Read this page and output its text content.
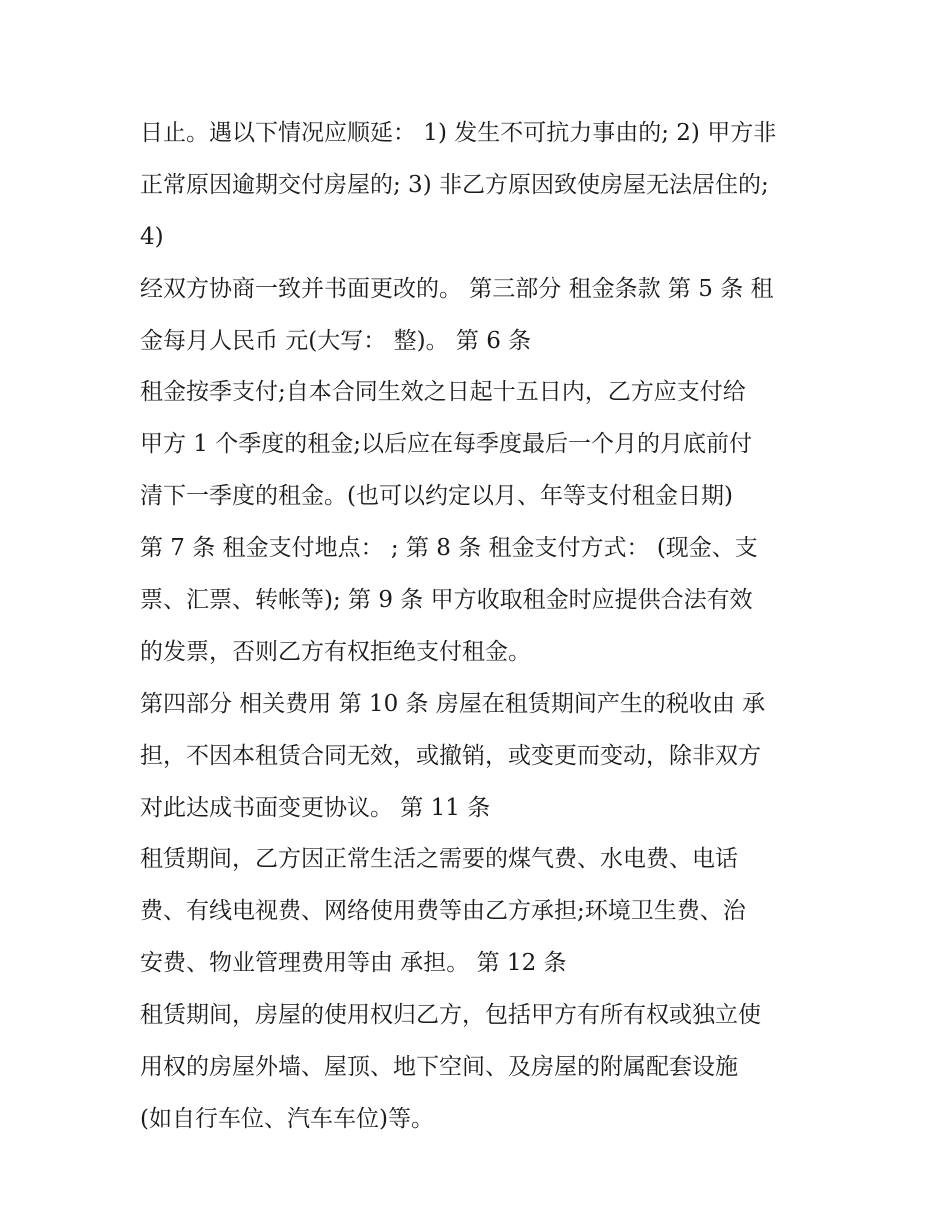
日止。遇以下情况应顺延： 1) 发生不可抗力事由的; 2) 甲方非
正常原因逾期交付房屋的; 3) 非乙方原因致使房屋无法居住的;
4)
经双方协商一致并书面更改的。 第三部分 租金条款 第 5 条 租
金每月人民币 元(大写： 整)。 第 6 条
租金按季支付;自本合同生效之日起十五日内，乙方应支付给
甲方 1 个季度的租金;以后应在每季度最后一个月的月底前付
清下一季度的租金。(也可以约定以月、年等支付租金日期)
第 7 条 租金支付地点： ; 第 8 条 租金支付方式： (现金、支
票、汇票、转帐等); 第 9 条 甲方收取租金时应提供合法有效
的发票，否则乙方有权拒绝支付租金。
第四部分 相关费用 第 10 条 房屋在租赁期间产生的税收由 承
担，不因本租赁合同无效，或撤销，或变更而变动，除非双方
对此达成书面变更协议。 第 11 条
租赁期间，乙方因正常生活之需要的煤气费、水电费、电话
费、有线电视费、网络使用费等由乙方承担;环境卫生费、治
安费、物业管理费用等由 承担。 第 12 条
租赁期间，房屋的使用权归乙方，包括甲方有所有权或独立使
用权的房屋外墙、屋顶、地下空间、及房屋的附属配套设施
(如自行车位、汽车车位)等。
